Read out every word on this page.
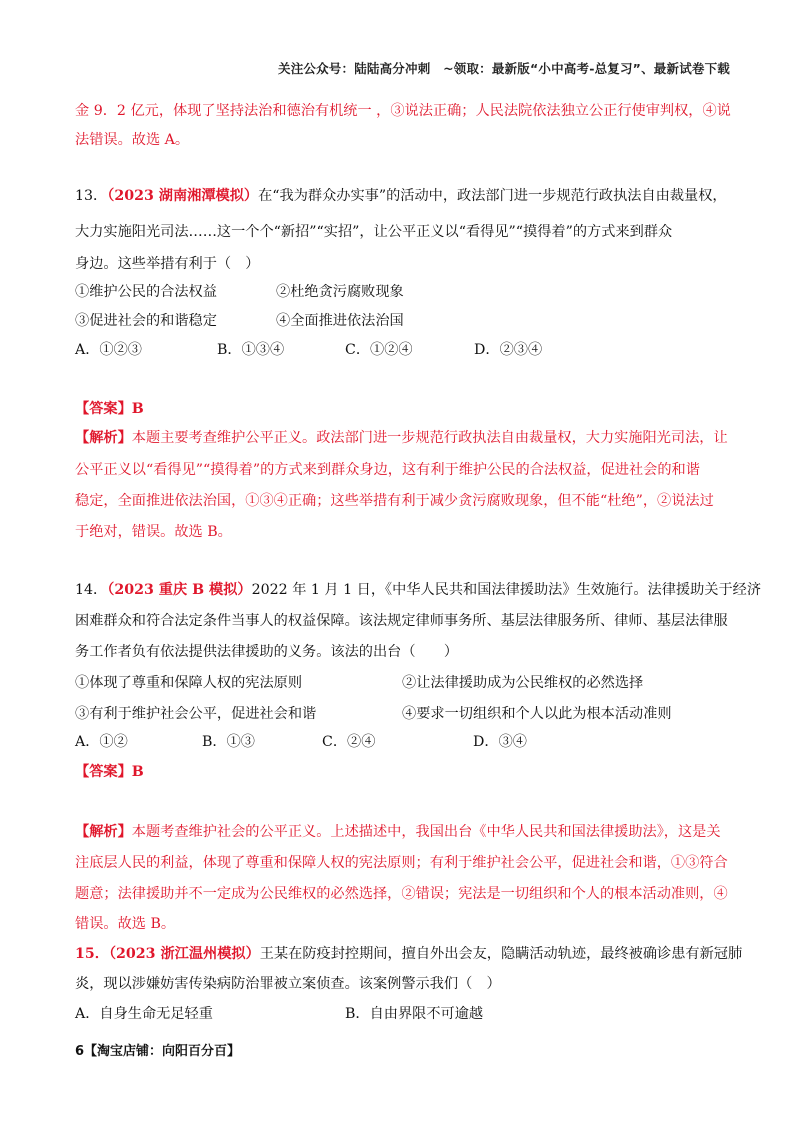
关注公众号：陆陆高分冲刺　~领取：最新版“小中高考-总复习”、最新试卷下载
金 9．2 亿元，体现了坚持法治和德治有机统一 ，③说法正确；人民法院依法独立公正行使审判权，④说
法错误。故选 A。
13．（2023 湖南湘潭模拟）在“我为群众办实事”的活动中，政法部门进一步规范行政执法自由裁量权，
大力实施阳光司法……这一个个“新招”“实招”，让公平正义以“看得见”“摸得着”的方式来到群众
身边。这些举措有利于（　）
①维护公民的合法权益	②杜绝贪污腐败现象
③促进社会的和谐稳定	④全面推进依法治国
A．①②③	B．①③④	C．①②④	D．②③④
【答案】B
【解析】本题主要考查维护公平正义。政法部门进一步规范行政执法自由裁量权，大力实施阳光司法，让
公平正义以“看得见”“摸得着”的方式来到群众身边，这有利于维护公民的合法权益，促进社会的和谐
稳定，全面推进依法治国，①③④正确；这些举措有利于减少贪污腐败现象，但不能“杜绝”，②说法过
于绝对，错误。故选 B。
14．（2023 重庆 B 模拟）2022 年 1 月 1 日，《中华人民共和国法律援助法》生效施行。法律援助关于经济
困难群众和符合法定条件当事人的权益保障。该法规定律师事务所、基层法律服务所、律师、基层法律服
务工作者负有依法提供法律援助的义务。该法的出台（　　）
①体现了尊重和保障人权的宪法原则	②让法律援助成为公民维权的必然选择
③有利于维护社会公平，促进社会和谐	④要求一切组织和个人以此为根本活动准则
A．①②	B．①③	C．②④	D．③④
【答案】B
【解析】本题考查维护社会的公平正义。上述描述中，我国出台《中华人民共和国法律援助法》，这是关
注底层人民的利益，体现了尊重和保障人权的宪法原则；有利于维护社会公平，促进社会和谐，①③符合
题意；法律援助并不一定成为公民维权的必然选择，②错误；宪法是一切组织和个人的根本活动准则，④
错误。故选 B。
15．（2023 浙江温州模拟）王某在防疫封控期间，擅自外出会友，隐瞒活动轨迹，最终被确诊患有新冠肺
炎，现以涉嫌妨害传染病防治罪被立案侦查。该案例警示我们（　）
A．自身生命无足轻重	B．自由界限不可逾越
6【淘宝店铺：向阳百分百】
